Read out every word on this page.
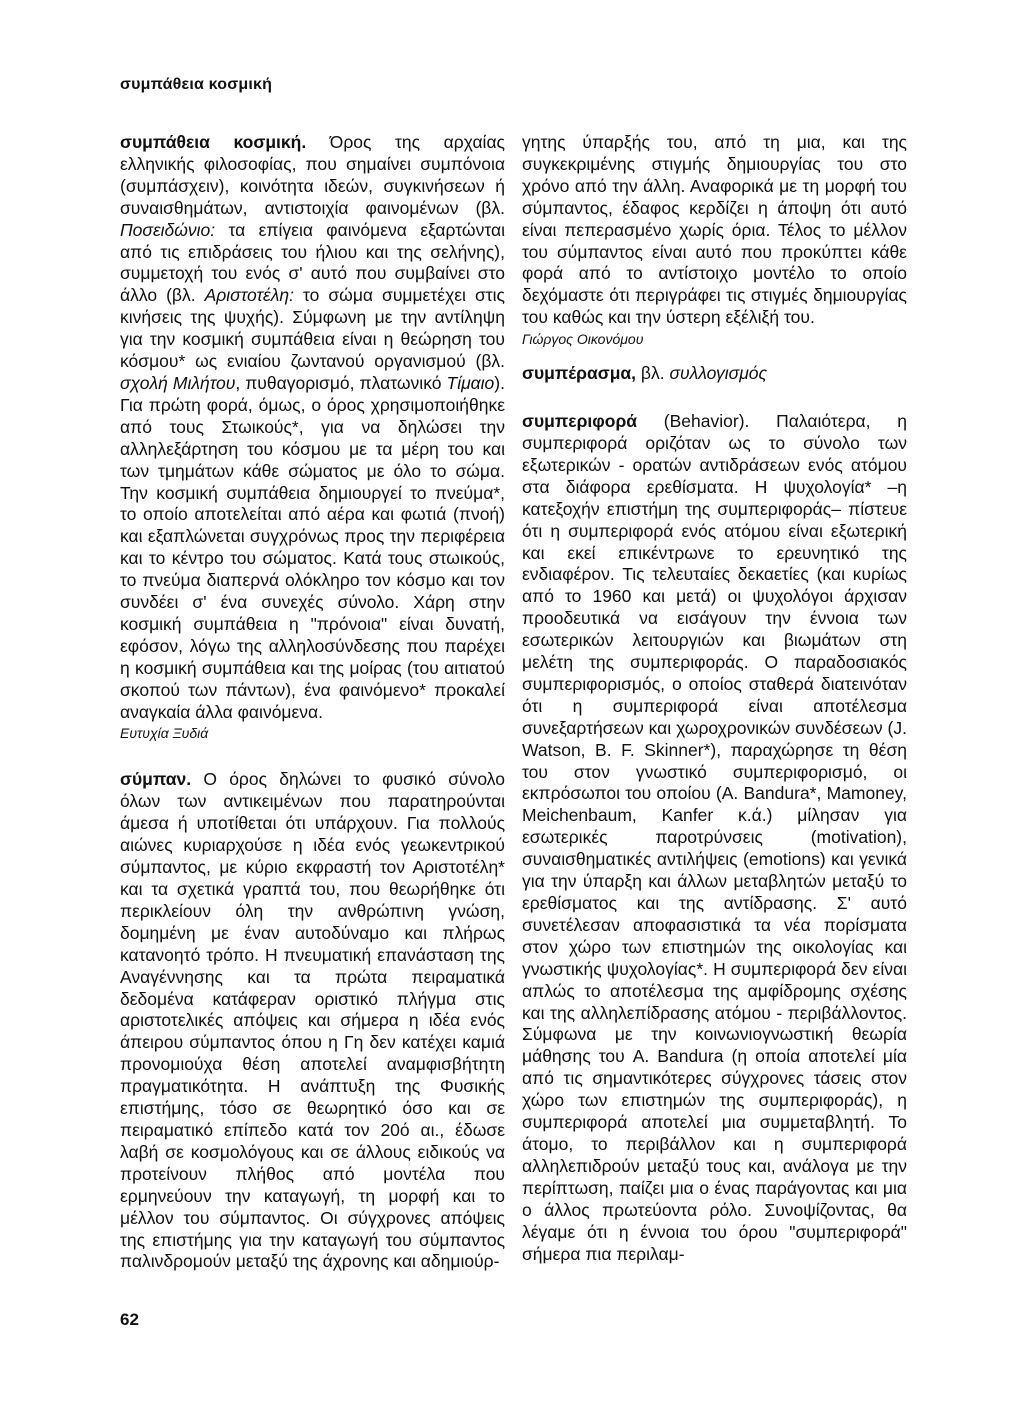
συμπάθεια κοσμική

συμπάθεια κοσμική. Όρος της αρχαίας ελληνικής φιλοσοφίας, που σημαίνει συμπόνοια (συμπάσχειν), κοινότητα ιδεών, συγκινήσεων ή συναισθημάτων, αντιστοιχία φαινομένων (βλ. Ποσειδώνιο: τα επίγεια φαινόμενα εξαρτώνται από τις επιδράσεις του ήλιου και της σελήνης), συμμετοχή του ενός σ' αυτό που συμβαίνει στο άλλο (βλ. Αριστοτέλη: το σώμα συμμετέχει στις κινήσεις της ψυχής). Σύμφωνη με την αντίληψη για την κοσμική συμπάθεια είναι η θεώρηση του κόσμου* ως ενιαίου ζωντανού οργανισμού (βλ. σχολή Μιλήτου, πυθαγορισμό, πλατωνικό Τίμαιο). Για πρώτη φορά, όμως, ο όρος χρησιμοποιήθηκε από τους Στωικούς*, για να δηλώσει την αλληλεξάρτηση του κόσμου με τα μέρη του και των τμημάτων κάθε σώματος με όλο το σώμα. Την κοσμική συμπάθεια δημιουργεί το πνεύμα*, το οποίο αποτελείται από αέρα και φωτιά (πνοή) και εξαπλώνεται συγχρόνως προς την περιφέρεια και το κέντρο του σώματος. Κατά τους στωικούς, το πνεύμα διαπερνά ολόκληρο τον κόσμο και τον συνδέει σ' ένα συνεχές σύνολο. Χάρη στην κοσμική συμπάθεια η "πρόνοια" είναι δυνατή, εφόσον, λόγω της αλληλοσύνδεσης που παρέχει η κοσμική συμπάθεια και της μοίρας (του αιτιατού σκοπού των πάντων), ένα φαινόμενο* προκαλεί αναγκαία άλλα φαινόμενα.

Ευτυχία Ξυδιά

σύμπαν. Ο όρος δηλώνει το φυσικό σύνολο όλων των αντικειμένων που παρατηρούνται άμεσα ή υποτίθεται ότι υπάρχουν. Για πολλούς αιώνες κυριαρχούσε η ιδέα ενός γεωκεντρικού σύμπαντος, με κύριο εκφραστή τον Αριστοτέλη* και τα σχετικά γραπτά του, που θεωρήθηκε ότι περικλείουν όλη την ανθρώπινη γνώση, δομημένη με έναν αυτοδύναμο και πλήρως κατανοητό τρόπο. Η πνευματική επανάσταση της Αναγέννησης και τα πρώτα πειραματικά δεδομένα κατάφεραν οριστικό πλήγμα στις αριστοτελικές απόψεις και σήμερα η ιδέα ενός άπειρου σύμπαντος όπου η Γη δεν κατέχει καμιά προνομιούχα θέση αποτελεί αναμφισβήτητη πραγματικότητα. Η ανάπτυξη της Φυσικής επιστήμης, τόσο σε θεωρητικό όσο και σε πειραματικό επίπεδο κατά τον 20ό αι., έδωσε λαβή σε κοσμολόγους και σε άλλους ειδικούς να προτείνουν πλήθος από μοντέλα που ερμηνεύουν την καταγωγή, τη μορφή και το μέλλον του σύμπαντος. Οι σύγχρονες απόψεις της επιστήμης για την καταγωγή του σύμπαντος παλινδρομούν μεταξύ της άχρονης και αδημιούρ-

γητης ύπαρξής του, από τη μια, και της συγκεκριμένης στιγμής δημιουργίας του στο χρόνο από την άλλη. Αναφορικά με τη μορφή του σύμπαντος, έδαφος κερδίζει η άποψη ότι αυτό είναι πεπερασμένο χωρίς όρια. Τέλος το μέλλον του σύμπαντος είναι αυτό που προκύπτει κάθε φορά από το αντίστοιχο μοντέλο το οποίο δεχόμαστε ότι περιγράφει τις στιγμές δημιουργίας του καθώς και την ύστερη εξέλιξή του.

Γιώργος Οικονόμου

συμπέρασμα, βλ. συλλογισμός

συμπεριφορά (Behavior). Παλαιότερα, η συμπεριφορά οριζόταν ως το σύνολο των εξωτερικών - ορατών αντιδράσεων ενός ατόμου στα διάφορα ερεθίσματα. Η ψυχολογία* –η κατεξοχήν επιστήμη της συμπεριφοράς– πίστευε ότι η συμπεριφορά ενός ατόμου είναι εξωτερική και εκεί επικέντρωνε το ερευνητικό της ενδιαφέρον. Τις τελευταίες δεκαετίες (και κυρίως από το 1960 και μετά) οι ψυχολόγοι άρχισαν προοδευτικά να εισάγουν την έννοια των εσωτερικών λειτουργιών και βιωμάτων στη μελέτη της συμπεριφοράς. Ο παραδοσιακός συμπεριφορισμός, ο οποίος σταθερά διατεινόταν ότι η συμπεριφορά είναι αποτέλεσμα συνεξαρτήσεων και χωροχρονικών συνδέσεων (J. Watson, B. F. Skinner*), παραχώρησε τη θέση του στον γνωστικό συμπεριφορισμό, οι εκπρόσωποι του οποίου (A. Bandura*, Mamoney, Meichenbaum, Kanfer κ.ά.) μίλησαν για εσωτερικές παροτρύνσεις (motivation), συναισθηματικές αντιλήψεις (emotions) και γενικά για την ύπαρξη και άλλων μεταβλητών μεταξύ το ερεθίσματος και της αντίδρασης. Σ' αυτό συνετέλεσαν αποφασιστικά τα νέα πορίσματα στον χώρο των επιστημών της οικολογίας και γνωστικής ψυχολογίας*. Η συμπεριφορά δεν είναι απλώς το αποτέλεσμα της αμφίδρομης σχέσης και της αλληλεπίδρασης ατόμου - περιβάλλοντος. Σύμφωνα με την κοινωνιογνωστική θεωρία μάθησης του A. Bandura (η οποία αποτελεί μία από τις σημαντικότερες σύγχρονες τάσεις στον χώρο των επιστημών της συμπεριφοράς), η συμπεριφορά αποτελεί μια συμμεταβλητή. Το άτομο, το περιβάλλον και η συμπεριφορά αλληλεπιδρούν μεταξύ τους και, ανάλογα με την περίπτωση, παίζει μια ο ένας παράγοντας και μια ο άλλος πρωτεύοντα ρόλο. Συνοψίζοντας, θα λέγαμε ότι η έννοια του όρου "συμπεριφορά" σήμερα πια περιλαμ-

62
